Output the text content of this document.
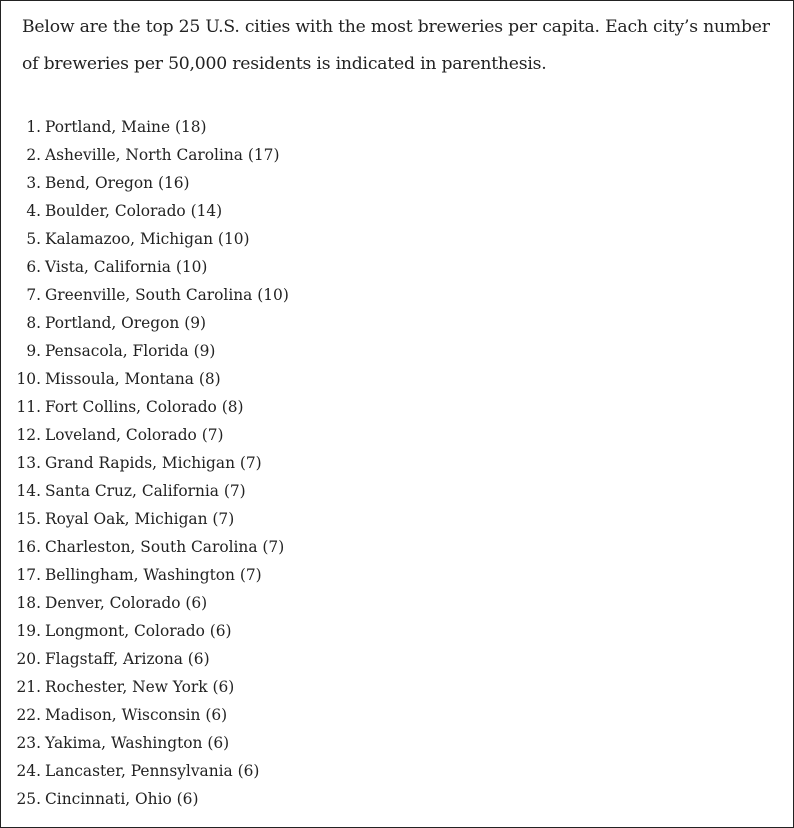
Below are the top 25 U.S. cities with the most breweries per capita. Each city’s number of breweries per 50,000 residents is indicated in parenthesis.

1. Portland, Maine (18)
2. Asheville, North Carolina (17)
3. Bend, Oregon (16)
4. Boulder, Colorado (14)
5. Kalamazoo, Michigan (10)
6. Vista, California (10)
7. Greenville, South Carolina (10)
8. Portland, Oregon (9)
9. Pensacola, Florida (9)
10. Missoula, Montana (8)
11. Fort Collins, Colorado (8)
12. Loveland, Colorado (7)
13. Grand Rapids, Michigan (7)
14. Santa Cruz, California (7)
15. Royal Oak, Michigan (7)
16. Charleston, South Carolina (7)
17. Bellingham, Washington (7)
18. Denver, Colorado (6)
19. Longmont, Colorado (6)
20. Flagstaff, Arizona (6)
21. Rochester, New York (6)
22. Madison, Wisconsin (6)
23. Yakima, Washington (6)
24. Lancaster, Pennsylvania (6)
25. Cincinnati, Ohio (6)
